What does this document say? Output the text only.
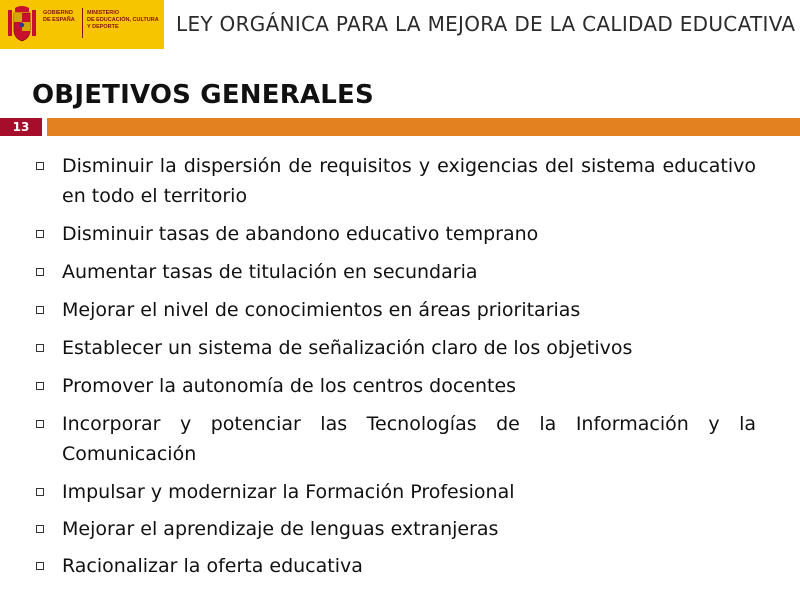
GOBIERNO
DE ESPAÑA
MINISTERIO
DE EDUCACIÓN, CULTURA
Y DEPORTE	LEY ORGÁNICA PARA LA MEJORA DE LA CALIDAD EDUCATIVA
OBJETIVOS GENERALES
13
Disminuir la dispersión de requisitos y exigencias del sistema educativo en todo el territorio
Disminuir tasas de abandono educativo temprano
Aumentar tasas de titulación en secundaria
Mejorar el nivel de conocimientos en áreas prioritarias
Establecer un sistema de señalización claro de los objetivos
Promover la autonomía de los centros docentes
Incorporar y potenciar las Tecnologías de la Información y la Comunicación
Impulsar y modernizar la Formación Profesional
Mejorar el aprendizaje de lenguas extranjeras
Racionalizar la oferta educativa
